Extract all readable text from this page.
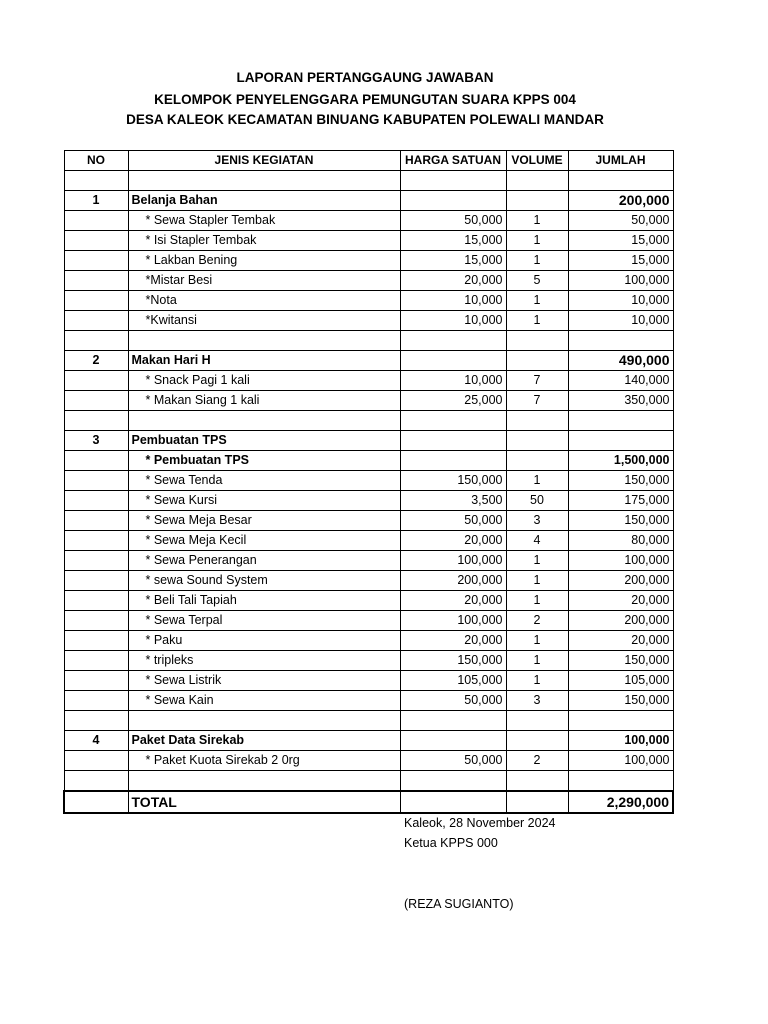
LAPORAN PERTANGGAUNG JAWABAN
KELOMPOK PENYELENGGARA PEMUNGUTAN SUARA KPPS 004
DESA KALEOK KECAMATAN BINUANG KABUPATEN POLEWALI MANDAR
NO	JENIS KEGIATAN	HARGA SATUAN	VOLUME	JUMLAH

1	Belanja Bahan			200,000
	* Sewa Stapler Tembak	50,000	1	50,000
	* Isi Stapler Tembak	15,000	1	15,000
	* Lakban Bening	15,000	1	15,000
	*Mistar Besi	20,000	5	100,000
	*Nota	10,000	1	10,000
	*Kwitansi	10,000	1	10,000

2	Makan Hari H			490,000
	* Snack Pagi 1 kali	10,000	7	140,000
	* Makan Siang 1 kali	25,000	7	350,000

3	Pembuatan TPS			
	* Pembuatan TPS			1,500,000
	* Sewa Tenda	150,000	1	150,000
	* Sewa Kursi	3,500	50	175,000
	* Sewa Meja Besar	50,000	3	150,000
	* Sewa Meja Kecil	20,000	4	80,000
	* Sewa Penerangan	100,000	1	100,000
	* sewa Sound System	200,000	1	200,000
	* Beli Tali Tapiah	20,000	1	20,000
	* Sewa Terpal	100,000	2	200,000
	* Paku	20,000	1	20,000
	* tripleks	150,000	1	150,000
	* Sewa Listrik	105,000	1	105,000
	* Sewa Kain	50,000	3	150,000

4	Paket Data Sirekab			100,000
	* Paket Kuota Sirekab 2 0rg	50,000	2	100,000

	TOTAL			2,290,000
Kaleok, 28 November 2024
Ketua KPPS 000
(REZA SUGIANTO)
